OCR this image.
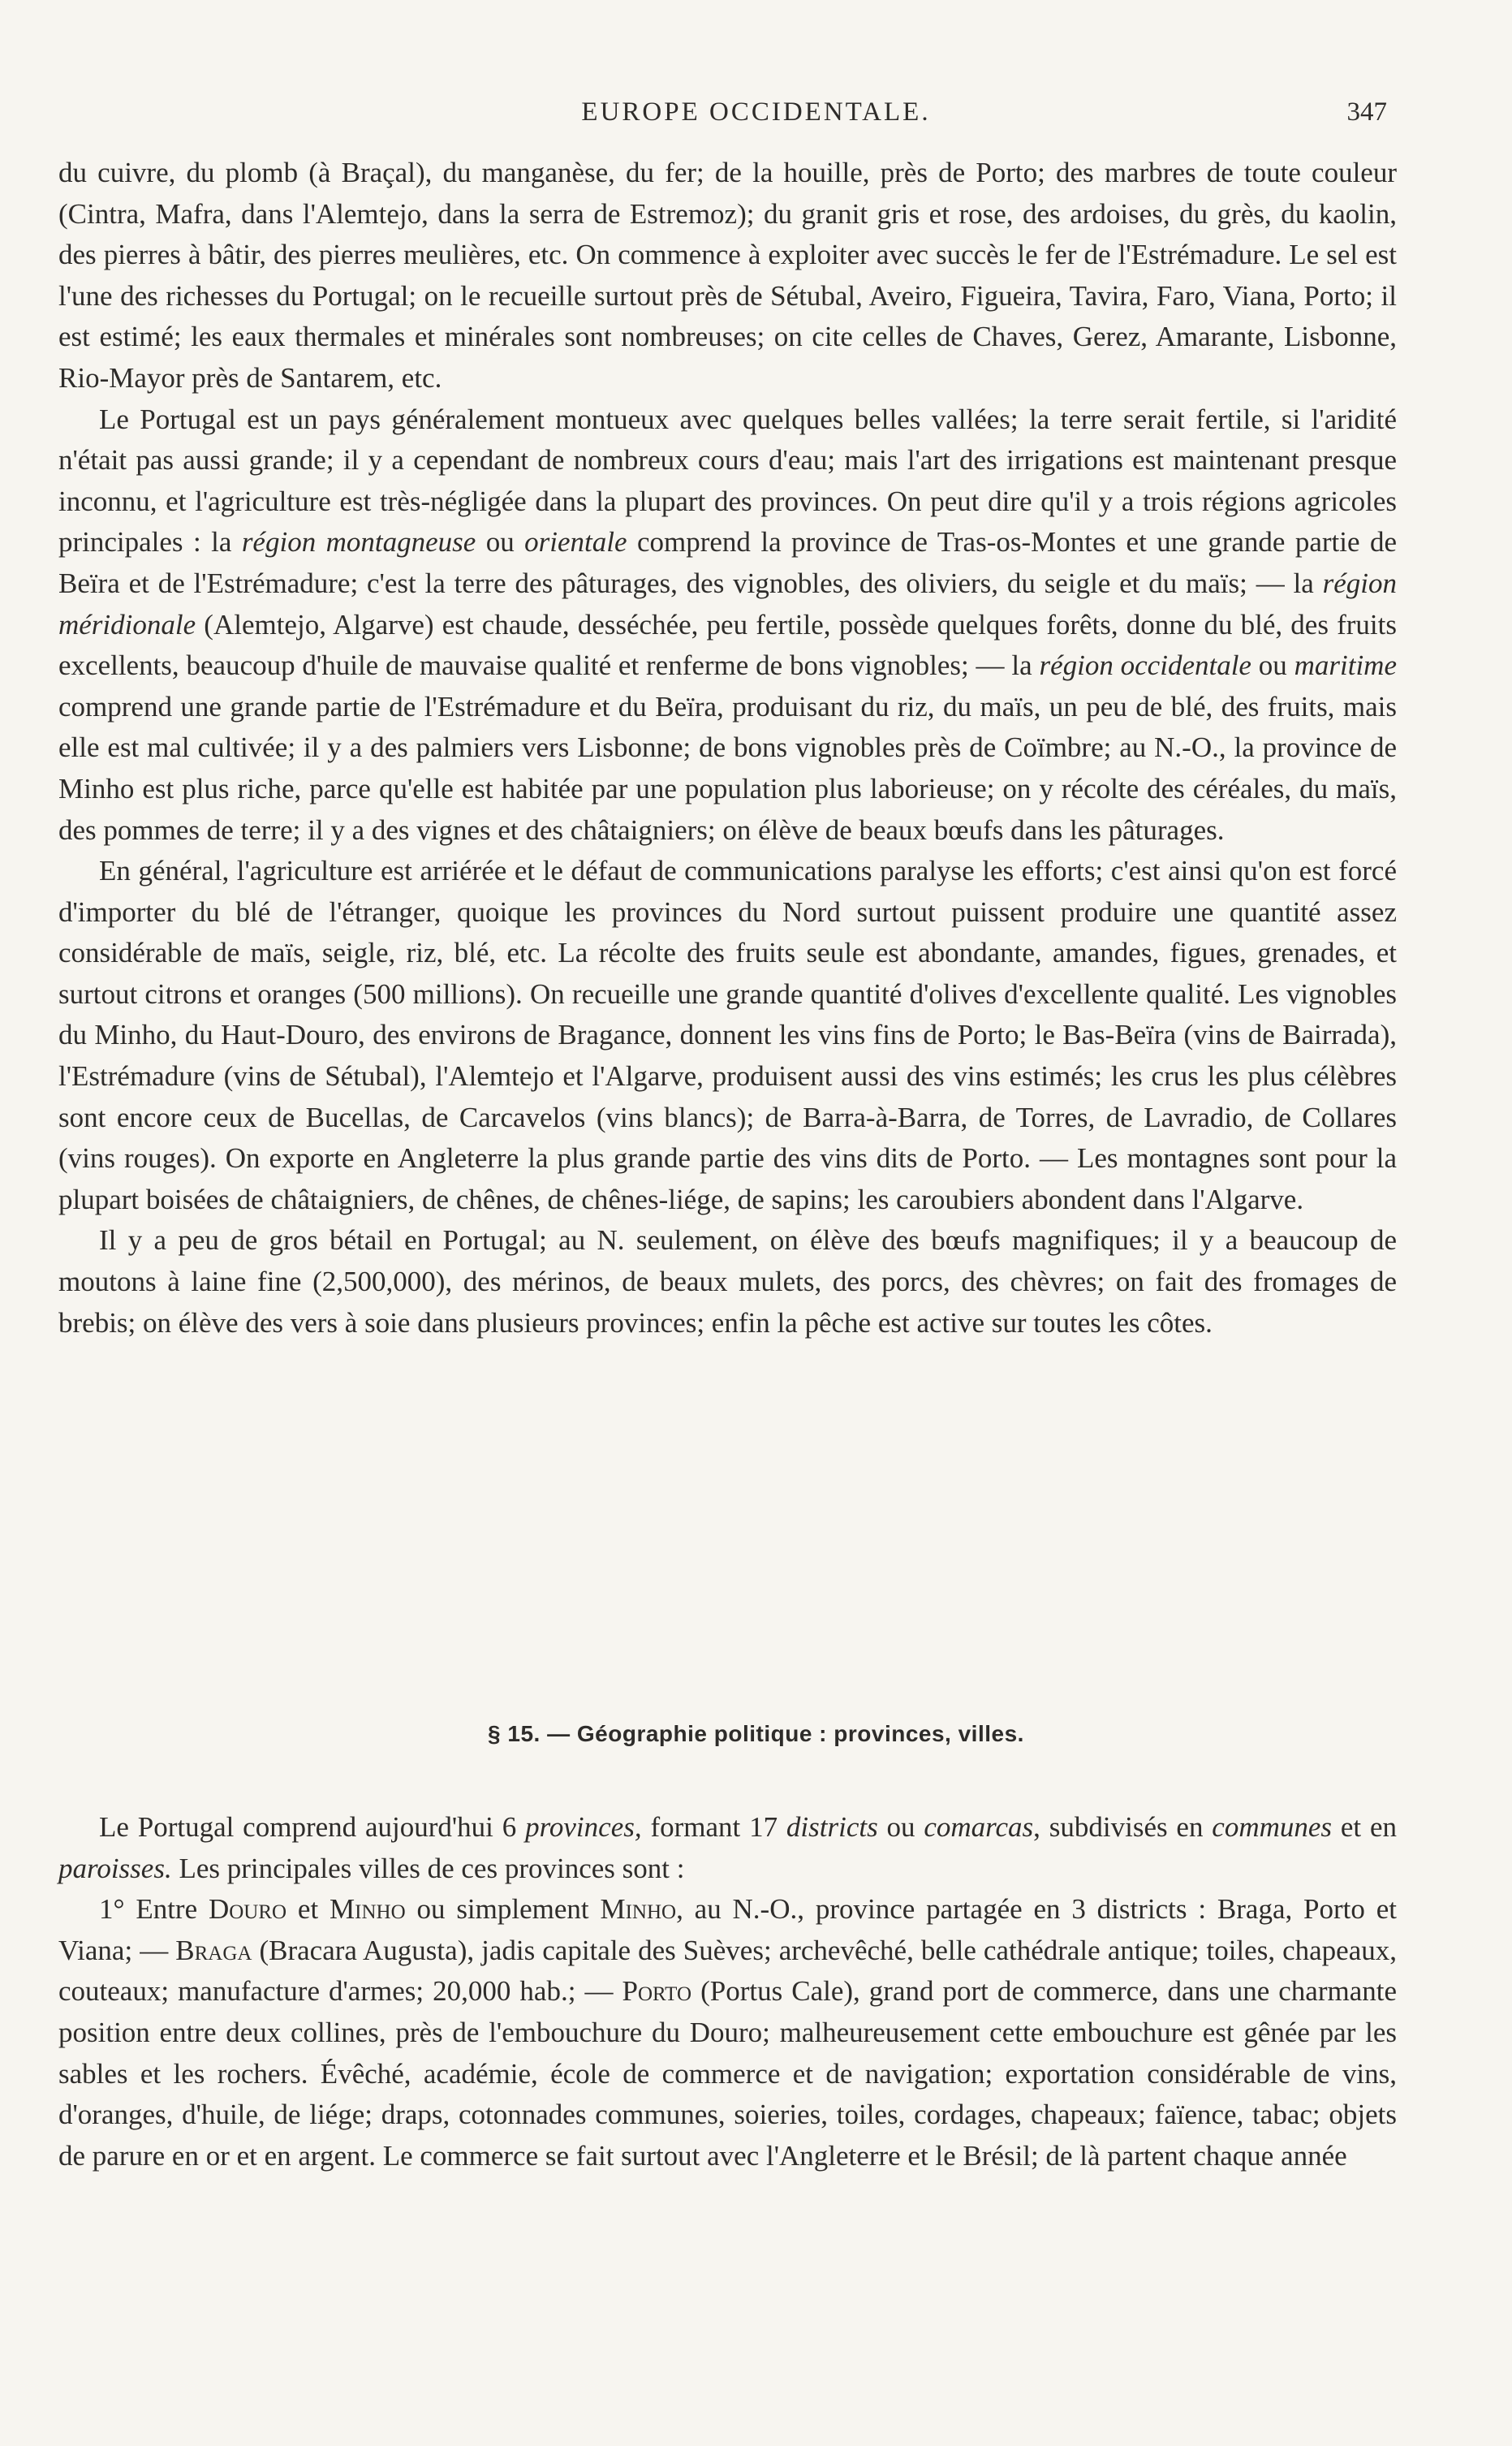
EUROPE OCCIDENTALE.	347

du cuivre, du plomb (à Braçal), du manganèse, du fer; de la houille, près de Porto; des marbres de toute couleur (Cintra, Mafra, dans l'Alemtejo, dans la serra de Estremoz); du granit gris et rose, des ardoises, du grès, du kaolin, des pierres à bâtir, des pierres meulières, etc. On commence à exploiter avec succès le fer de l'Estrémadure. Le sel est l'une des richesses du Portugal; on le recueille surtout près de Sétubal, Aveiro, Figueira, Tavira, Faro, Viana, Porto; il est estimé; les eaux thermales et minérales sont nombreuses; on cite celles de Chaves, Gerez, Amarante, Lisbonne, Rio-Mayor près de Santarem, etc.

Le Portugal est un pays généralement montueux avec quelques belles vallées; la terre serait fertile, si l'aridité n'était pas aussi grande; il y a cependant de nombreux cours d'eau; mais l'art des irrigations est maintenant presque inconnu, et l'agriculture est très-négligée dans la plupart des provinces. On peut dire qu'il y a trois régions agricoles principales : la région montagneuse ou orientale comprend la province de Tras-os-Montes et une grande partie de Beïra et de l'Estrémadure; c'est la terre des pâturages, des vignobles, des oliviers, du seigle et du maïs; — la région méridionale (Alemtejo, Algarve) est chaude, desséchée, peu fertile, possède quelques forêts, donne du blé, des fruits excellents, beaucoup d'huile de mauvaise qualité et renferme de bons vignobles; — la région occidentale ou maritime comprend une grande partie de l'Estrémadure et du Beïra, produisant du riz, du maïs, un peu de blé, des fruits, mais elle est mal cultivée; il y a des palmiers vers Lisbonne; de bons vignobles près de Coïmbre; au N.-O., la province de Minho est plus riche, parce qu'elle est habitée par une population plus laborieuse; on y récolte des céréales, du maïs, des pommes de terre; il y a des vignes et des châtaigniers; on élève de beaux bœufs dans les pâturages.

En général, l'agriculture est arriérée et le défaut de communications paralyse les efforts; c'est ainsi qu'on est forcé d'importer du blé de l'étranger, quoique les provinces du Nord surtout puissent produire une quantité assez considérable de maïs, seigle, riz, blé, etc. La récolte des fruits seule est abondante, amandes, figues, grenades, et surtout citrons et oranges (500 millions). On recueille une grande quantité d'olives d'excellente qualité. Les vignobles du Minho, du Haut-Douro, des environs de Bragance, donnent les vins fins de Porto; le Bas-Beïra (vins de Bairrada), l'Estrémadure (vins de Sétubal), l'Alemtejo et l'Algarve, produisent aussi des vins estimés; les crus les plus célèbres sont encore ceux de Bucellas, de Carcavelos (vins blancs); de Barra-à-Barra, de Torres, de Lavradio, de Collares (vins rouges). On exporte en Angleterre la plus grande partie des vins dits de Porto. — Les montagnes sont pour la plupart boisées de châtaigniers, de chênes, de chênes-liége, de sapins; les caroubiers abondent dans l'Algarve.

Il y a peu de gros bétail en Portugal; au N. seulement, on élève des bœufs magnifiques; il y a beaucoup de moutons à laine fine (2,500,000), des mérinos, de beaux mulets, des porcs, des chèvres; on fait des fromages de brebis; on élève des vers à soie dans plusieurs provinces; enfin la pêche est active sur toutes les côtes.

§ 15. — Géographie politique : provinces, villes.

Le Portugal comprend aujourd'hui 6 provinces, formant 17 districts ou comarcas, subdivisés en communes et en paroisses. Les principales villes de ces provinces sont :

1° Entre Douro et Minho ou simplement Minho, au N.-O., province partagée en 3 districts : Braga, Porto et Viana; — Braga (Bracara Augusta), jadis capitale des Suèves; archevêché, belle cathédrale antique; toiles, chapeaux, couteaux; manufacture d'armes; 20,000 hab.; — Porto (Portus Cale), grand port de commerce, dans une charmante position entre deux collines, près de l'embouchure du Douro; malheureusement cette embouchure est gênée par les sables et les rochers. Évêché, académie, école de commerce et de navigation; exportation considérable de vins, d'oranges, d'huile, de liége; draps, cotonnades communes, soieries, toiles, cordages, chapeaux; faïence, tabac; objets de parure en or et en argent. Le commerce se fait surtout avec l'Angleterre et le Brésil; de là partent chaque année
